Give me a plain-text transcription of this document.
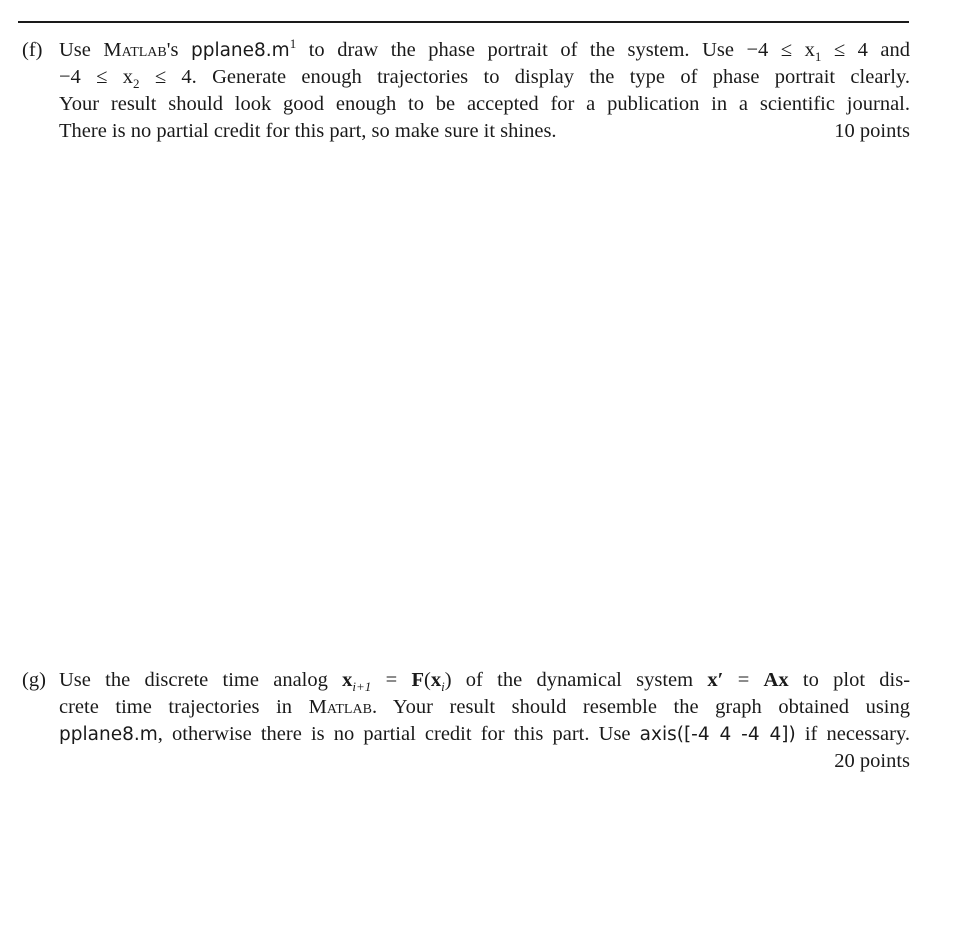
(f) Use Matlab's $pplane8.m^1$ to draw the phase portrait of the system. Use $-4 \le x_1 \le 4$ and
$-4 \le x_2 \le 4$. Generate enough trajectories to display the type of phase portrait clearly.
Your result should look good enough to be accepted for a publication in a scientific journal.
There is no partial credit for this part, so make sure it shines.	10 points
(g) Use the discrete time analog $x_{i+1} = F(x_i)$ of the dynamical system x′ = Ax to plot dis-
crete time trajectories in Matlab. Your result should resemble the graph obtained using
pplane8.m, otherwise there is no partial credit for this part. Use axis([-4 4 -4 4]) if necessary.
20 points
